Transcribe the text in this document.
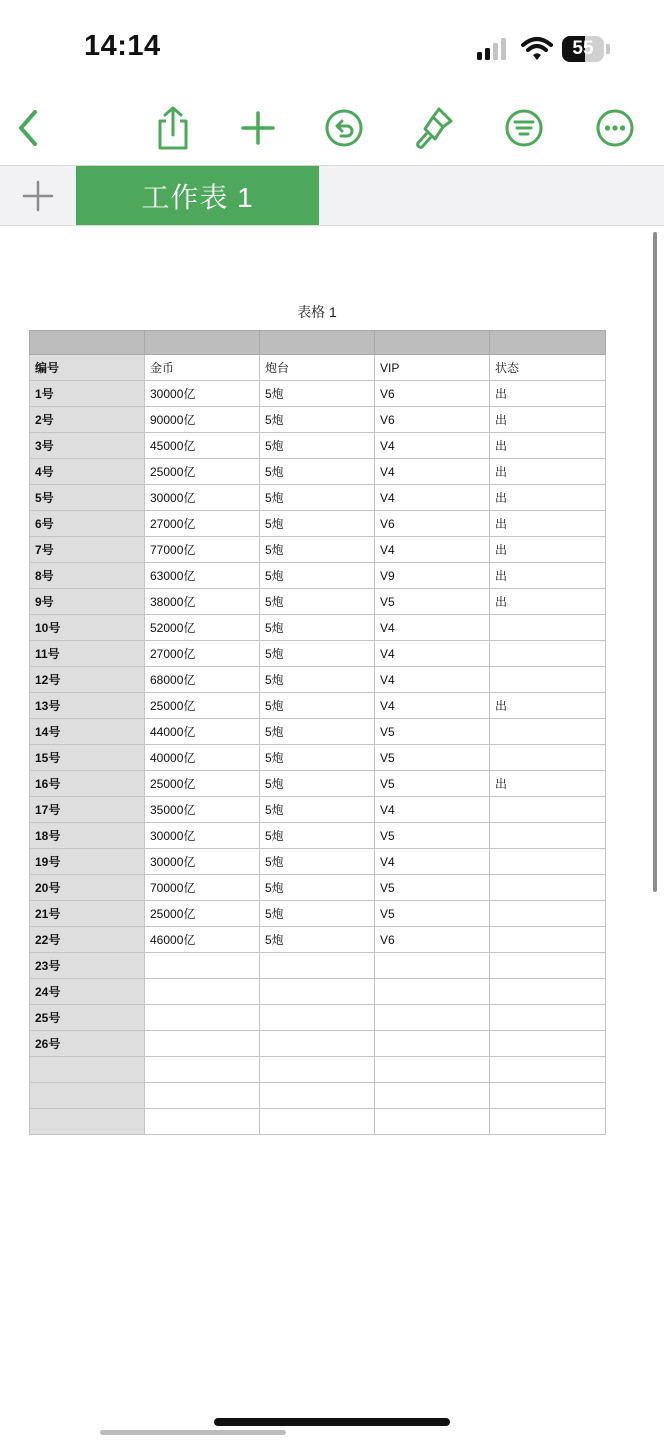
14:14	55
工作表 1
表格 1

编号	金币	炮台	VIP	状态
1号	30000亿	5炮	V6	出
2号	90000亿	5炮	V6	出
3号	45000亿	5炮	V4	出
4号	25000亿	5炮	V4	出
5号	30000亿	5炮	V4	出
6号	27000亿	5炮	V6	出
7号	77000亿	5炮	V4	出
8号	63000亿	5炮	V9	出
9号	38000亿	5炮	V5	出
10号	52000亿	5炮	V4	
11号	27000亿	5炮	V4	
12号	68000亿	5炮	V4	
13号	25000亿	5炮	V4	出
14号	44000亿	5炮	V5	
15号	40000亿	5炮	V5	
16号	25000亿	5炮	V5	出
17号	35000亿	5炮	V4	
18号	30000亿	5炮	V5	
19号	30000亿	5炮	V4	
20号	70000亿	5炮	V5	
21号	25000亿	5炮	V5	
22号	46000亿	5炮	V6	
23号				
24号				
25号				
26号				
